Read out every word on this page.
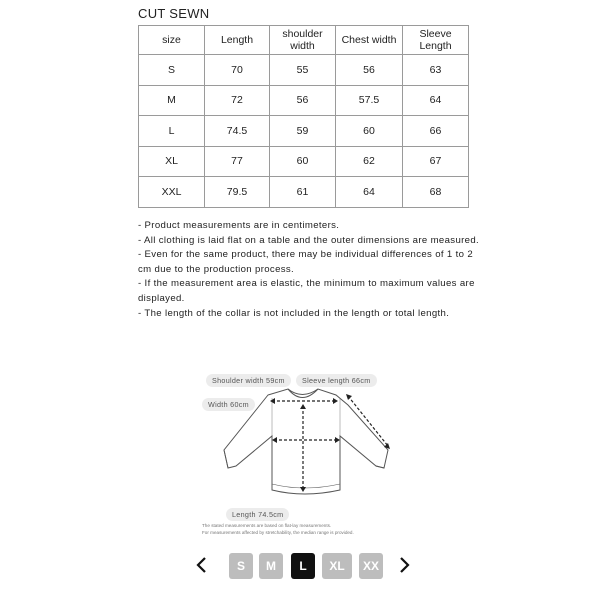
CUT SEWN
size	Length	shoulder width	Chest width	Sleeve Length
S	70	55	56	63
M	72	56	57.5	64
L	74.5	59	60	66
XL	77	60	62	67
XXL	79.5	61	64	68
- Product measurements are in centimeters.
- All clothing is laid flat on a table and the outer dimensions are measured.
- Even for the same product, there may be individual differences of 1 to 2
cm due to the production process.
- If the measurement area is elastic, the minimum to maximum values are
displayed.
- The length of the collar is not included in the length or total length.
Shoulder width 59cm	Sleeve length 66cm
Width 60cm
Length 74.5cm
The stated measurements are based on flat-lay measurements.
For measurements affected by stretchability, the median range is provided.
S	M	L	XL	XX
